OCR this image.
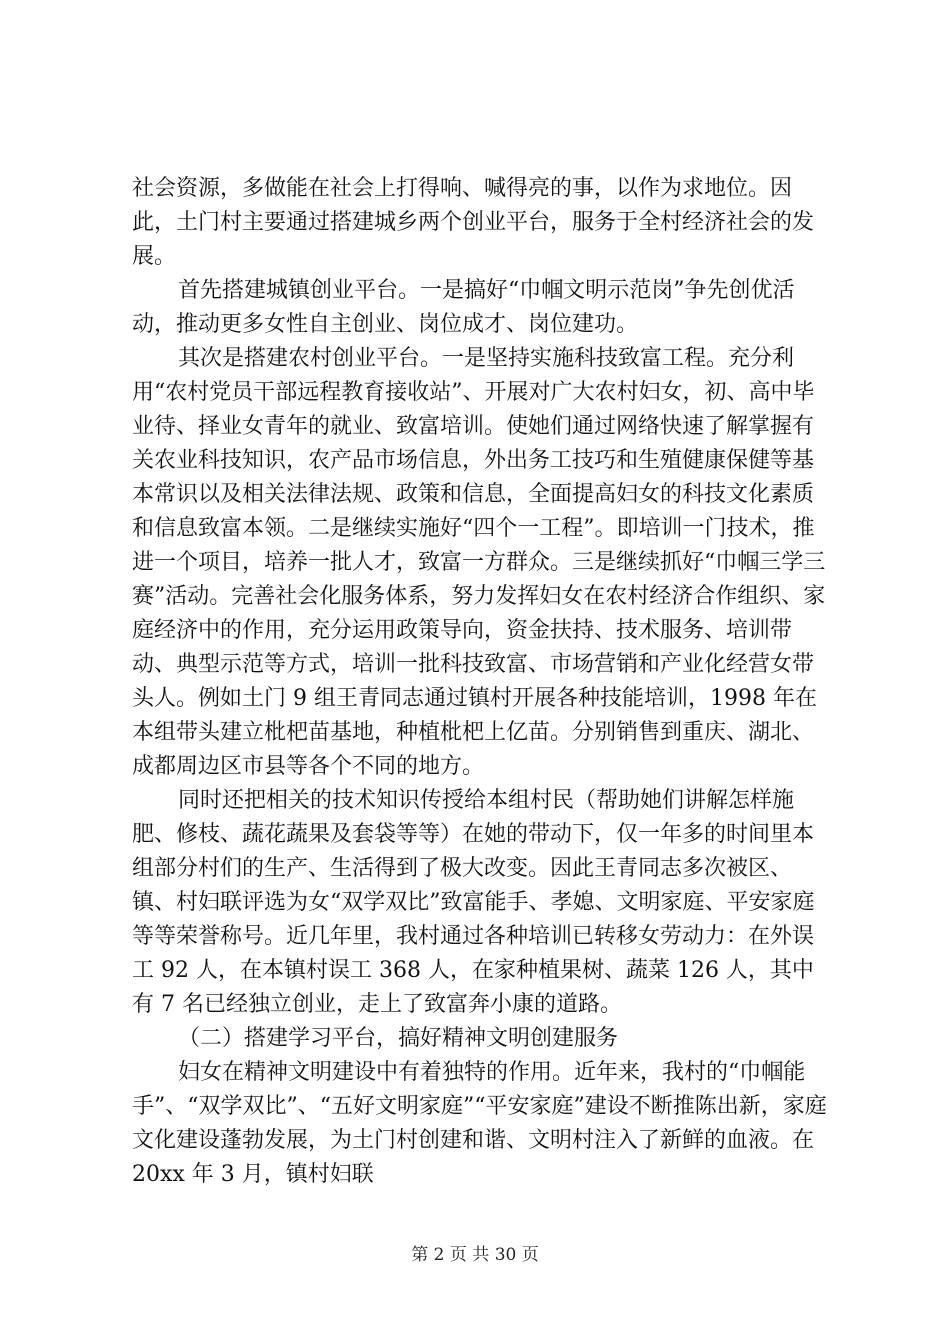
社会资源，多做能在社会上打得响、喊得亮的事，以作为求地位。因此，土门村主要通过搭建城乡两个创业平台，服务于全村经济社会的发展。

首先搭建城镇创业平台。一是搞好“巾帼文明示范岗”争先创优活动，推动更多女性自主创业、岗位成才、岗位建功。

其次是搭建农村创业平台。一是坚持实施科技致富工程。充分利用“农村党员干部远程教育接收站”、开展对广大农村妇女，初、高中毕业待、择业女青年的就业、致富培训。使她们通过网络快速了解掌握有关农业科技知识，农产品市场信息，外出务工技巧和生殖健康保健等基本常识以及相关法律法规、政策和信息，全面提高妇女的科技文化素质和信息致富本领。二是继续实施好“四个一工程”。即培训一门技术，推进一个项目，培养一批人才，致富一方群众。三是继续抓好“巾帼三学三赛”活动。完善社会化服务体系，努力发挥妇女在农村经济合作组织、家庭经济中的作用，充分运用政策导向，资金扶持、技术服务、培训带动、典型示范等方式，培训一批科技致富、市场营销和产业化经营女带头人。例如土门 9 组王青同志通过镇村开展各种技能培训，1998 年在本组带头建立枇杷苗基地，种植枇杷上亿苗。分别销售到重庆、湖北、成都周边区市县等各个不同的地方。

同时还把相关的技术知识传授给本组村民（帮助她们讲解怎样施肥、修枝、蔬花蔬果及套袋等等）在她的带动下，仅一年多的时间里本组部分村们的生产、生活得到了极大改变。因此王青同志多次被区、镇、村妇联评选为女“双学双比”致富能手、孝媳、文明家庭、平安家庭等等荣誉称号。近几年里，我村通过各种培训已转移女劳动力：在外误工 92 人，在本镇村误工 368 人，在家种植果树、蔬菜 126 人，其中有 7 名已经独立创业，走上了致富奔小康的道路。

（二）搭建学习平台，搞好精神文明创建服务

妇女在精神文明建设中有着独特的作用。近年来，我村的“巾帼能手”、“双学双比”、“五好文明家庭”“平安家庭”建设不断推陈出新，家庭文化建设蓬勃发展，为土门村创建和谐、文明村注入了新鲜的血液。在 20xx 年 3 月，镇村妇联

第 2 页 共 30 页
